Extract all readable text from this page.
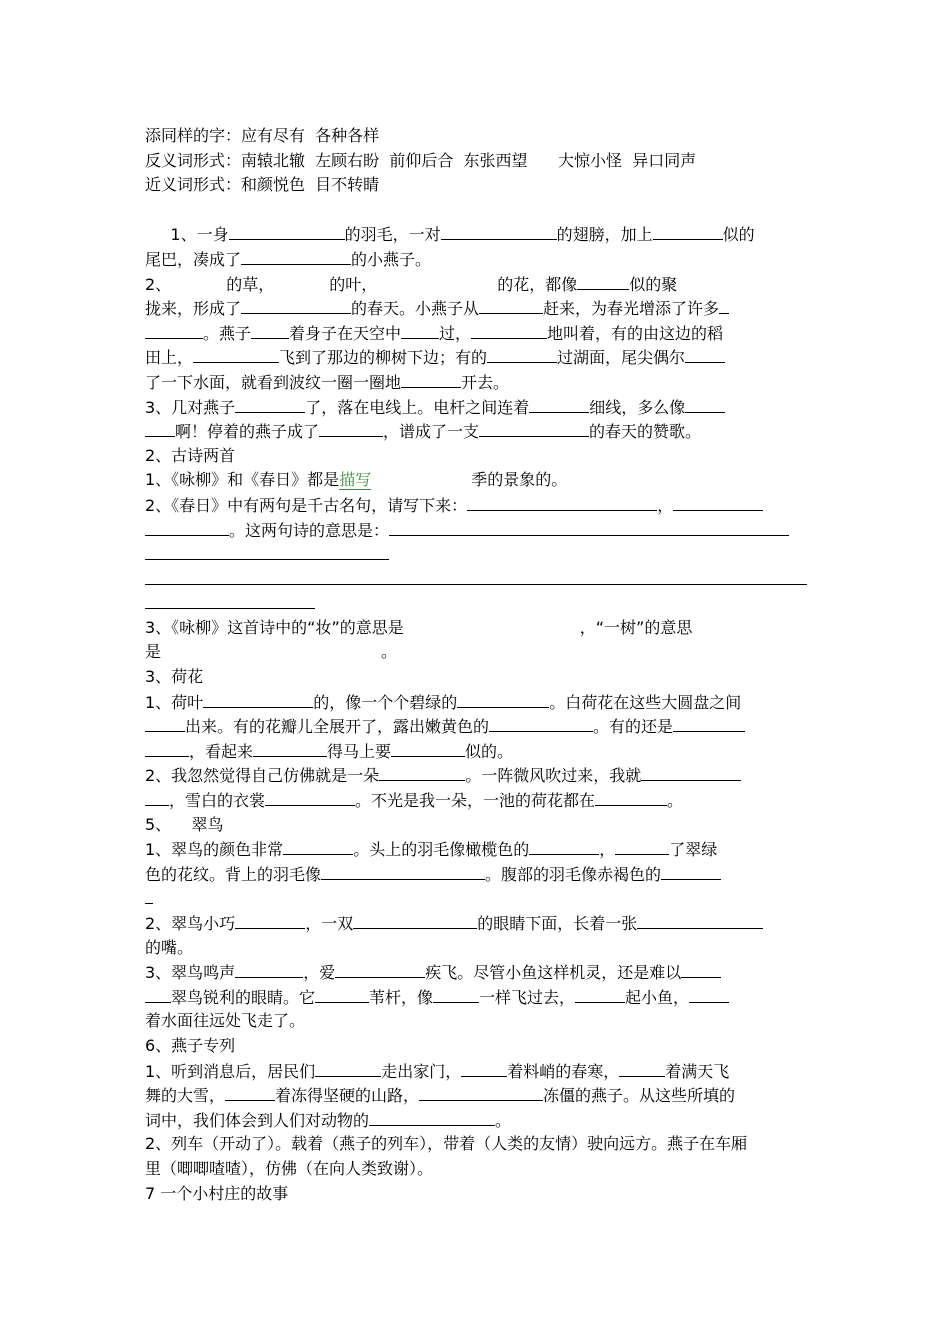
添同样的字：应有尽有  各种各样
反义词形式：南辕北辙  左顾右盼  前仰后合  东张西望      大惊小怪  异口同声
近义词形式：和颜悦色  目不转睛
1、一身	的羽毛，一对	的翅膀，加上	似的
尾巴，凑成了	的小燕子。
2、	的草，	的叶，	的花，都像	似的聚
拢来，形成了	的春天。小燕子从	赶来，为春光增添了许多
。燕子 着身子在天空中 过，	地叫着，有的由这边的稻
田上，	飞到了那边的柳树下边；有的	过湖面，尾尖偶尔
了一下水面，就看到波纹一圈一圈地	开去。
3、几对燕子	了，落在电线上。电杆之间连着	细线，多么像
啊！停着的燕子成了	，谱成了一支	的春天的赞歌。
2、古诗两首
1、《咏柳》和《春日》都是描写	季的景象的。
2、《春日》中有两句是千古名句，请写下来：	，
。这两句诗的意思是：
3、《咏柳》这首诗中的“妆”的意思是	，“一树”的意思
是	。
3、荷花
1、荷叶	的，像一个个碧绿的	。白荷花在这些大圆盘之间
出来。有的花瓣儿全展开了，露出嫩黄色的	。有的还是
，看起来	得马上要	似的。
2、我忽然觉得自己仿佛就是一朵	。一阵微风吹过来，我就
，雪白的衣裳	。不光是我一朵，一池的荷花都在	。
5、    翠鸟
1、翠鸟的颜色非常	。头上的羽毛像橄榄色的	，	了翠绿
色的花纹。背上的羽毛像	。腹部的羽毛像赤褐色的
2、翠鸟小巧	，一双	的眼睛下面，长着一张
的嘴。
3、翠鸟鸣声	，爱	疾飞。尽管小鱼这样机灵，还是难以
翠鸟锐利的眼睛。它	苇杆，像	一样飞过去，	起小鱼，
着水面往远处飞走了。
6、燕子专列
1、听到消息后，居民们	走出家门，	着料峭的春寒，	着满天飞
舞的大雪，	着冻得坚硬的山路，	冻僵的燕子。从这些所填的
词中，我们体会到人们对动物的	。
2、列车（开动了）。载着（燕子的列车），带着（人类的友情）驶向远方。燕子在车厢
里（唧唧喳喳），仿佛（在向人类致谢）。
7 一个小村庄的故事
